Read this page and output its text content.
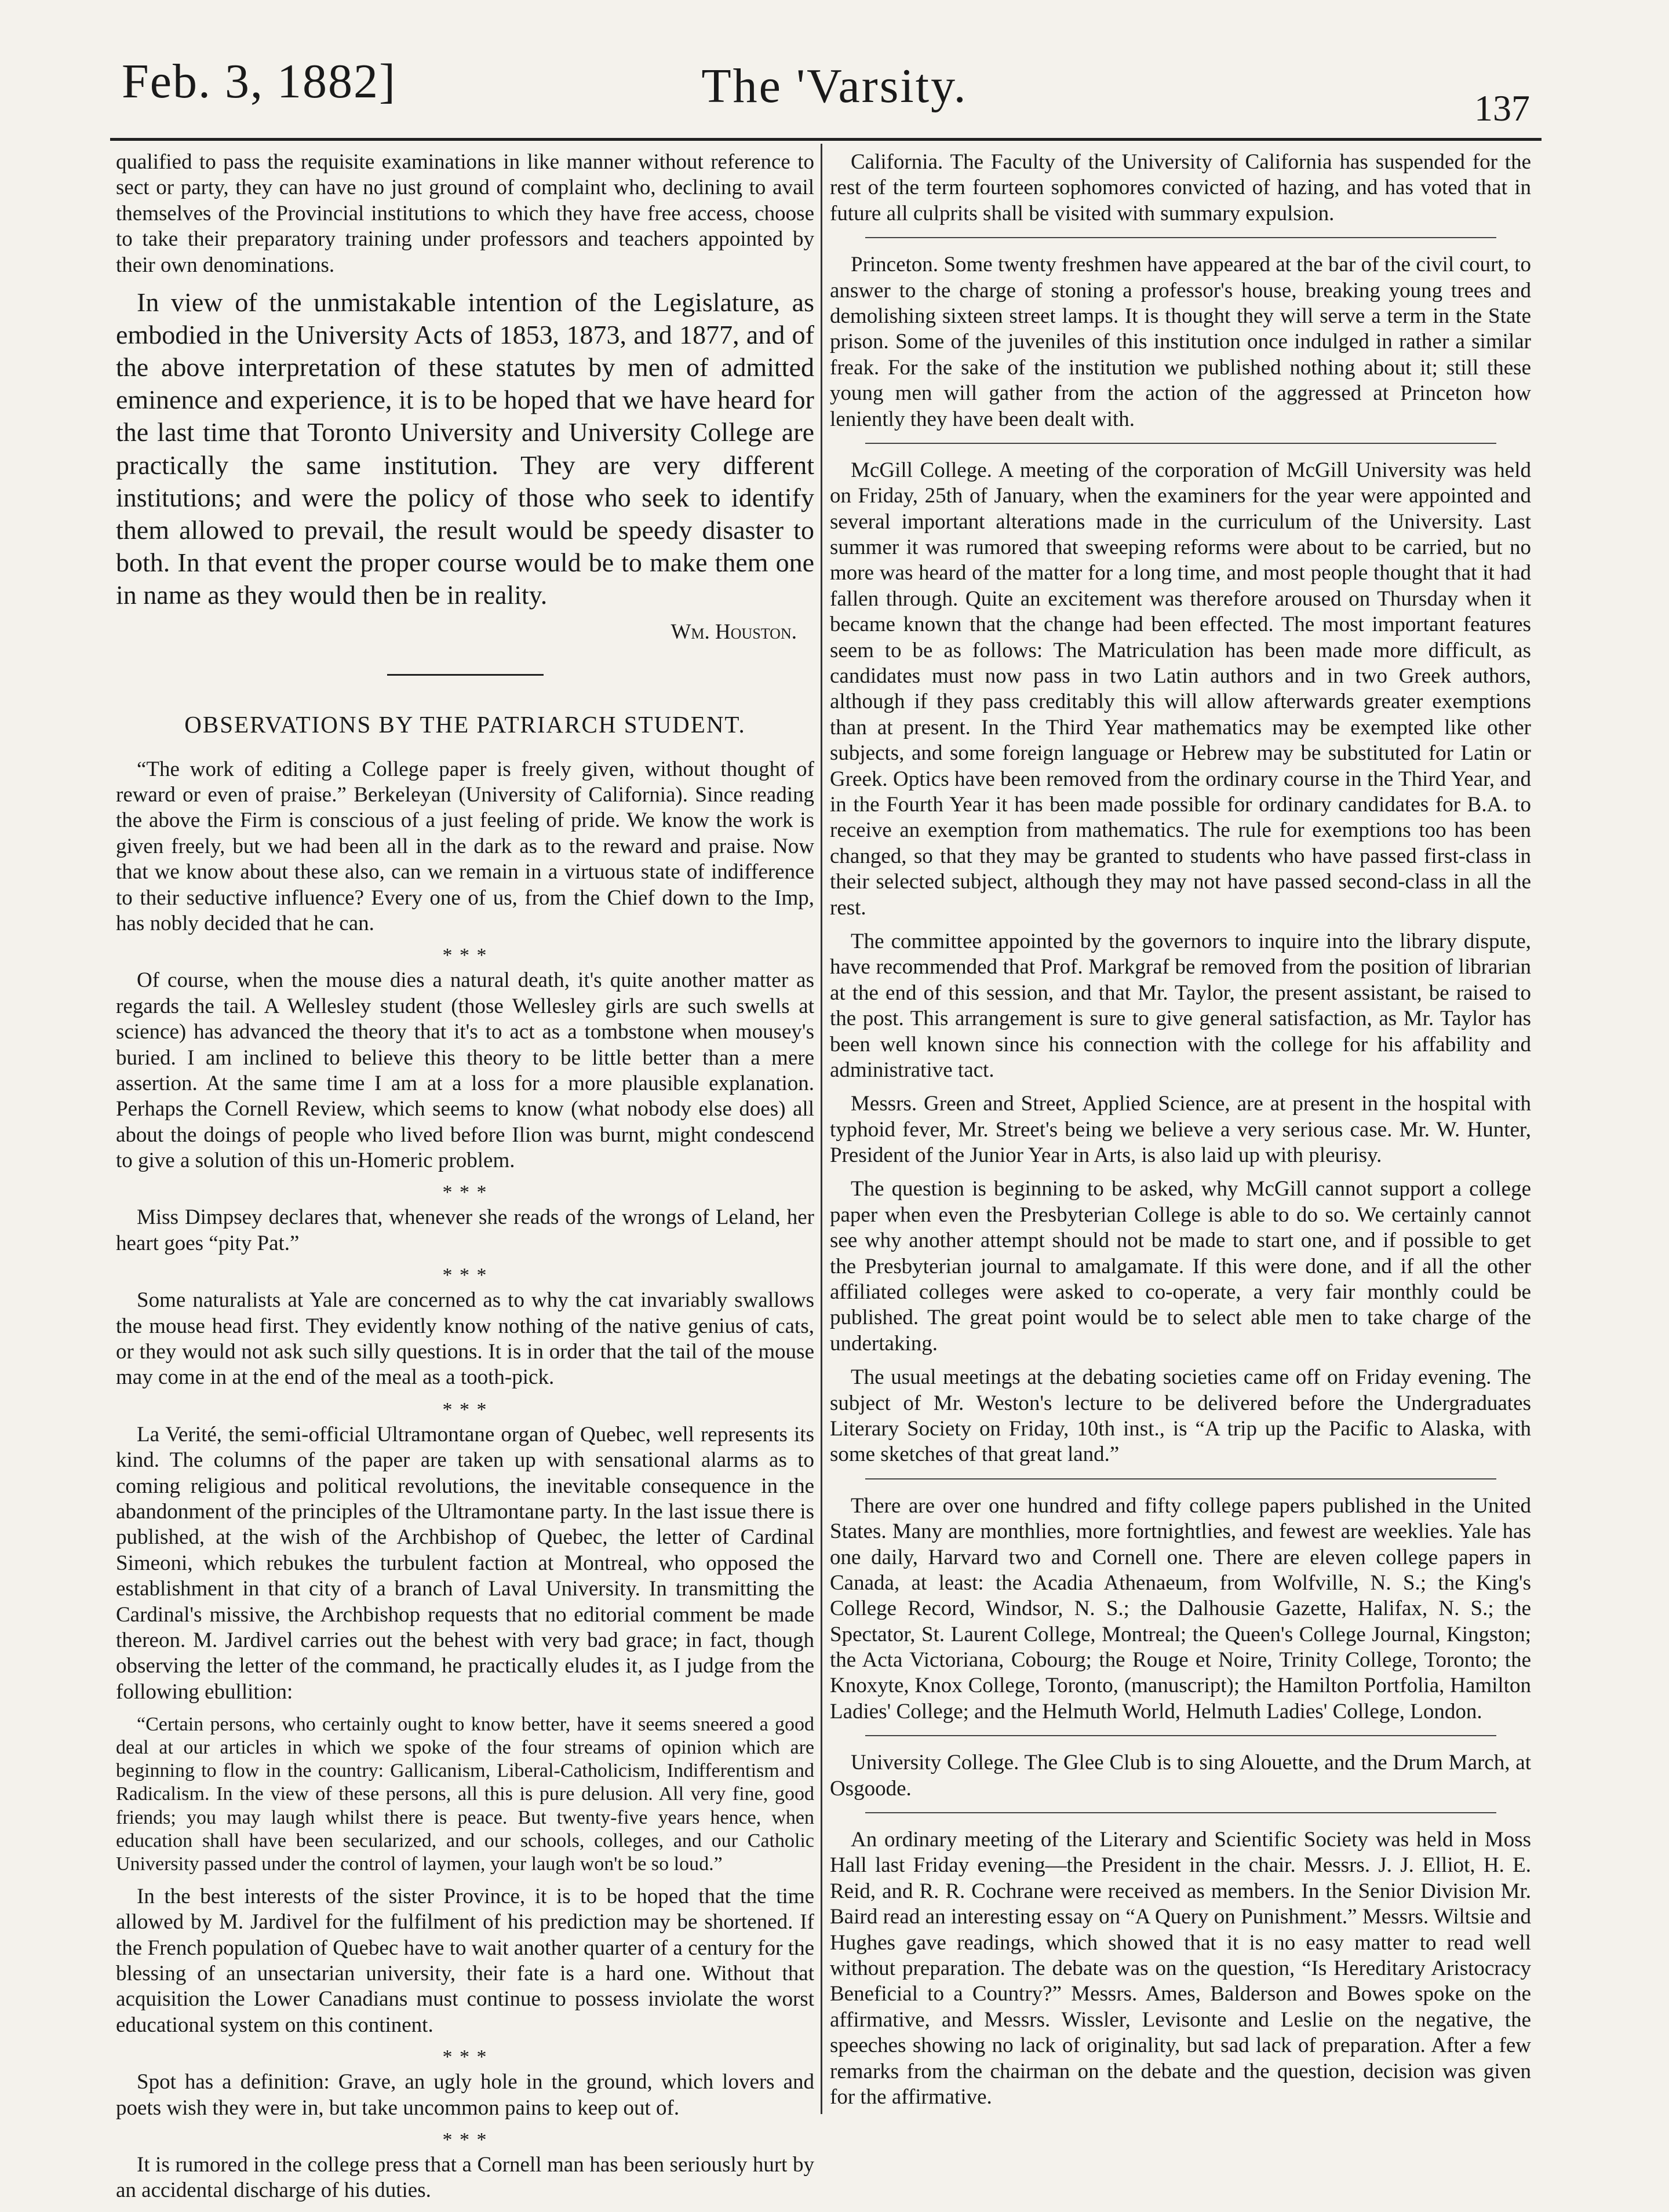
Feb. 3, 1882]	The 'Varsity.	137

qualified to pass the requisite examinations in like manner without reference to sect or party, they can have no just ground of complaint who, declining to avail themselves of the Provincial institutions to which they have free access, choose to take their preparatory training under professors and teachers appointed by their own denominations.

In view of the unmistakable intention of the Legislature, as embodied in the University Acts of 1853, 1873, and 1877, and of the above interpretation of these statutes by men of admitted eminence and experience, it is to be hoped that we have heard for the last time that Toronto University and University College are practically the same institution. They are very different institutions; and were the policy of those who seek to identify them allowed to prevail, the result would be speedy disaster to both. In that event the proper course would be to make them one in name as they would then be in reality.

Wm. Houston.

OBSERVATIONS BY THE PATRIARCH STUDENT.

“The work of editing a College paper is freely given, without thought of reward or even of praise.” Berkeleyan (University of California). Since reading the above the Firm is conscious of a just feeling of pride. We know the work is given freely, but we had been all in the dark as to the reward and praise. Now that we know about these also, can we remain in a virtuous state of indifference to their seductive influence? Every one of us, from the Chief down to the Imp, has nobly decided that he can.

* * *

Of course, when the mouse dies a natural death, it's quite another matter as regards the tail. A Wellesley student (those Wellesley girls are such swells at science) has advanced the theory that it's to act as a tombstone when mousey's buried. I am inclined to believe this theory to be little better than a mere assertion. At the same time I am at a loss for a more plausible explanation. Perhaps the Cornell Review, which seems to know (what nobody else does) all about the doings of people who lived before Ilion was burnt, might condescend to give a solution of this un-Homeric problem.

* * *

Miss Dimpsey declares that, whenever she reads of the wrongs of Leland, her heart goes “pity Pat.”

* * *

Some naturalists at Yale are concerned as to why the cat invariably swallows the mouse head first. They evidently know nothing of the native genius of cats, or they would not ask such silly questions. It is in order that the tail of the mouse may come in at the end of the meal as a tooth-pick.

* * *

La Verité, the semi-official Ultramontane organ of Quebec, well represents its kind. The columns of the paper are taken up with sensational alarms as to coming religious and political revolutions, the inevitable consequence in the abandonment of the principles of the Ultramontane party. In the last issue there is published, at the wish of the Archbishop of Quebec, the letter of Cardinal Simeoni, which rebukes the turbulent faction at Montreal, who opposed the establishment in that city of a branch of Laval University. In transmitting the Cardinal's missive, the Archbishop requests that no editorial comment be made thereon. M. Jardivel carries out the behest with very bad grace; in fact, though observing the letter of the command, he practically eludes it, as I judge from the following ebullition:

“Certain persons, who certainly ought to know better, have it seems sneered a good deal at our articles in which we spoke of the four streams of opinion which are beginning to flow in the country: Gallicanism, Liberal-Catholicism, Indifferentism and Radicalism. In the view of these persons, all this is pure delusion. All very fine, good friends; you may laugh whilst there is peace. But twenty-five years hence, when education shall have been secularized, and our schools, colleges, and our Catholic University passed under the control of laymen, your laugh won't be so loud.”

In the best interests of the sister Province, it is to be hoped that the time allowed by M. Jardivel for the fulfilment of his prediction may be shortened. If the French population of Quebec have to wait another quarter of a century for the blessing of an unsectarian university, their fate is a hard one. Without that acquisition the Lower Canadians must continue to possess inviolate the worst educational system on this continent.

* * *

Spot has a definition: Grave, an ugly hole in the ground, which lovers and poets wish they were in, but take uncommon pains to keep out of.

* * *

It is rumored in the college press that a Cornell man has been seriously hurt by an accidental discharge of his duties.

California. The Faculty of the University of California has suspended for the rest of the term fourteen sophomores convicted of hazing, and has voted that in future all culprits shall be visited with summary expulsion.

Princeton. Some twenty freshmen have appeared at the bar of the civil court, to answer to the charge of stoning a professor's house, breaking young trees and demolishing sixteen street lamps. It is thought they will serve a term in the State prison. Some of the juveniles of this institution once indulged in rather a similar freak. For the sake of the institution we published nothing about it; still these young men will gather from the action of the aggressed at Princeton how leniently they have been dealt with.

McGill College. A meeting of the corporation of McGill University was held on Friday, 25th of January, when the examiners for the year were appointed and several important alterations made in the curriculum of the University. Last summer it was rumored that sweeping reforms were about to be carried, but no more was heard of the matter for a long time, and most people thought that it had fallen through. Quite an excitement was therefore aroused on Thursday when it became known that the change had been effected. The most important features seem to be as follows: The Matriculation has been made more difficult, as candidates must now pass in two Latin authors and in two Greek authors, although if they pass creditably this will allow afterwards greater exemptions than at present. In the Third Year mathematics may be exempted like other subjects, and some foreign language or Hebrew may be substituted for Latin or Greek. Optics have been removed from the ordinary course in the Third Year, and in the Fourth Year it has been made possible for ordinary candidates for B.A. to receive an exemption from mathematics. The rule for exemptions too has been changed, so that they may be granted to students who have passed first-class in their selected subject, although they may not have passed second-class in all the rest.

The committee appointed by the governors to inquire into the library dispute, have recommended that Prof. Markgraf be removed from the position of librarian at the end of this session, and that Mr. Taylor, the present assistant, be raised to the post. This arrangement is sure to give general satisfaction, as Mr. Taylor has been well known since his connection with the college for his affability and administrative tact.

Messrs. Green and Street, Applied Science, are at present in the hospital with typhoid fever, Mr. Street's being we believe a very serious case. Mr. W. Hunter, President of the Junior Year in Arts, is also laid up with pleurisy.

The question is beginning to be asked, why McGill cannot support a college paper when even the Presbyterian College is able to do so. We certainly cannot see why another attempt should not be made to start one, and if possible to get the Presbyterian journal to amalgamate. If this were done, and if all the other affiliated colleges were asked to co-operate, a very fair monthly could be published. The great point would be to select able men to take charge of the undertaking.

The usual meetings at the debating societies came off on Friday evening. The subject of Mr. Weston's lecture to be delivered before the Undergraduates Literary Society on Friday, 10th inst., is “A trip up the Pacific to Alaska, with some sketches of that great land.”

There are over one hundred and fifty college papers published in the United States. Many are monthlies, more fortnightlies, and fewest are weeklies. Yale has one daily, Harvard two and Cornell one. There are eleven college papers in Canada, at least: the Acadia Athenaeum, from Wolfville, N. S.; the King's College Record, Windsor, N. S.; the Dalhousie Gazette, Halifax, N. S.; the Spectator, St. Laurent College, Montreal; the Queen's College Journal, Kingston; the Acta Victoriana, Cobourg; the Rouge et Noire, Trinity College, Toronto; the Knoxyte, Knox College, Toronto, (manuscript); the Hamilton Portfolia, Hamilton Ladies' College; and the Helmuth World, Helmuth Ladies' College, London.

University College. The Glee Club is to sing Alouette, and the Drum March, at Osgoode.

An ordinary meeting of the Literary and Scientific Society was held in Moss Hall last Friday evening—the President in the chair. Messrs. J. J. Elliot, H. E. Reid, and R. R. Cochrane were received as members. In the Senior Division Mr. Baird read an interesting essay on “A Query on Punishment.” Messrs. Wiltsie and Hughes gave readings, which showed that it is no easy matter to read well without preparation. The debate was on the question, “Is Hereditary Aristocracy Beneficial to a Country?” Messrs. Ames, Balderson and Bowes spoke on the affirmative, and Messrs. Wissler, Levisonte and Leslie on the negative, the speeches showing no lack of originality, but sad lack of preparation. After a few remarks from the chairman on the debate and the question, decision was given for the affirmative.
